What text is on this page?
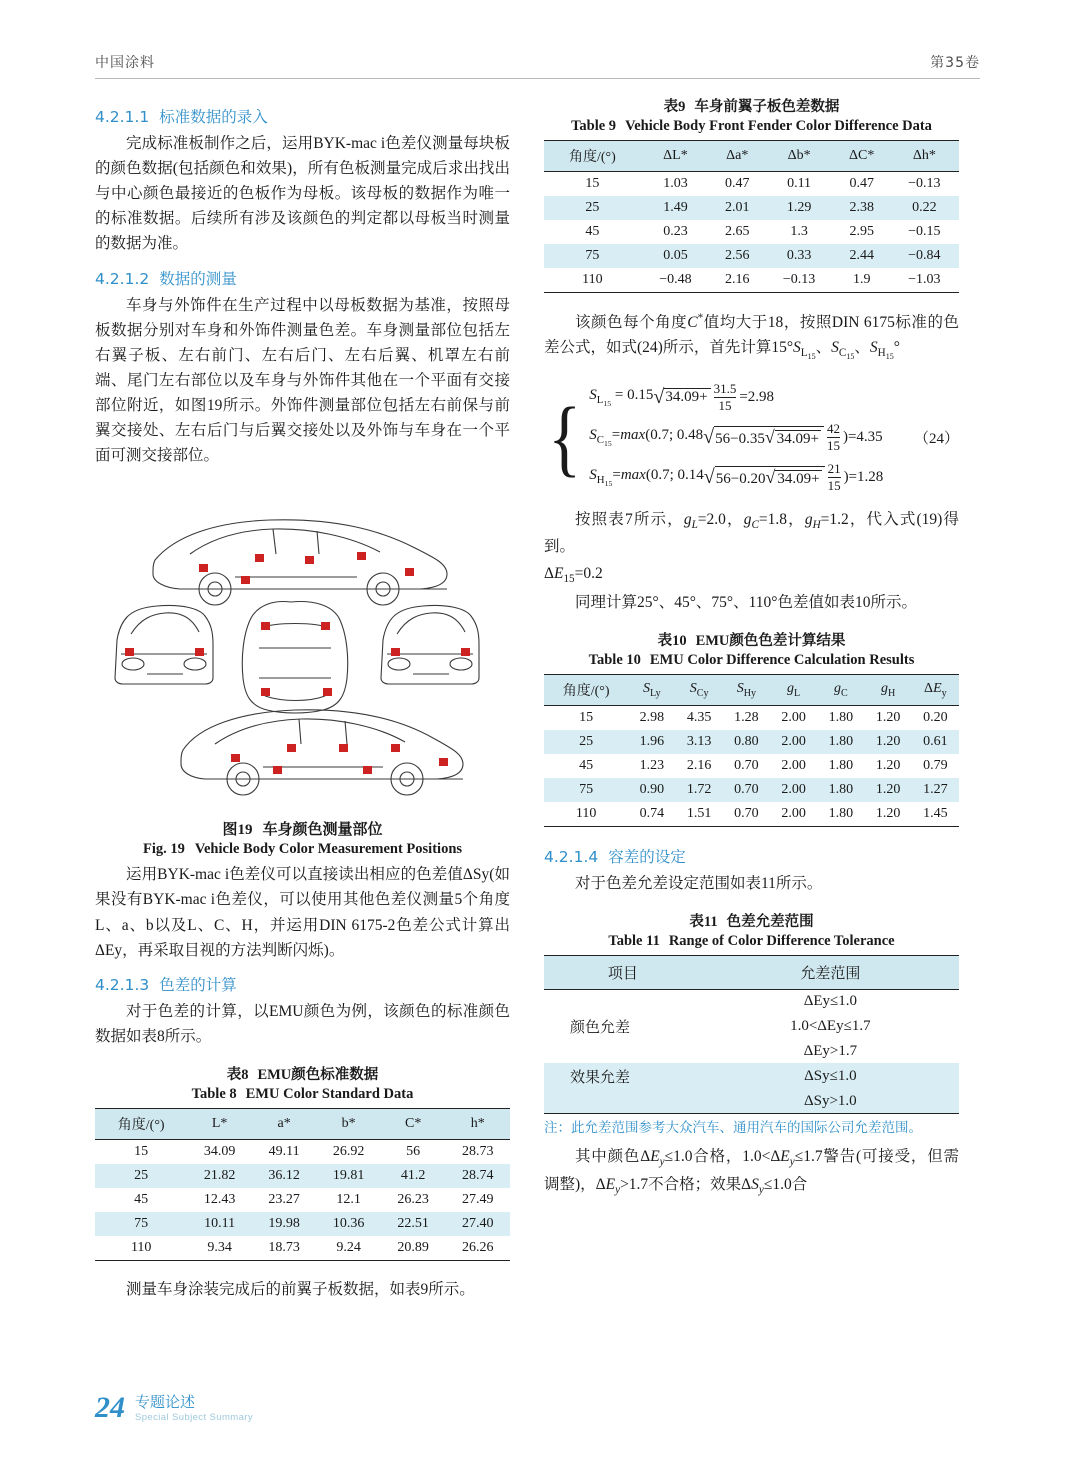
中国涂料	第35卷
4.2.1.1 标准数据的录入

完成标准板制作之后，运用BYK-mac i色差仪测量每块板的颜色数据(包括颜色和效果)，所有色板测量完成后求出找出与中心颜色最接近的色板作为母板。该母板的数据作为唯一的标准数据。后续所有涉及该颜色的判定都以母板当时测量的数据为准。

4.2.1.2 数据的测量

车身与外饰件在生产过程中以母板数据为基准，按照母板数据分别对车身和外饰件测量色差。车身测量部位包括左右翼子板、左右前门、左右后门、左右后翼、机罩左右前端、尾门左右部位以及车身与外饰件其他在一个平面有交接部位附近，如图19所示。外饰件测量部位包括左右前保与前翼交接处、左右后门与后翼交接处以及外饰与车身在一个平面可测交接部位。

图19 车身颜色测量部位
Fig. 19 Vehicle Body Color Measurement Positions

运用BYK-mac i色差仪可以直接读出相应的色差值ΔSy(如果没有BYK-mac i色差仪，可以使用其他色差仪测量5个角度L、a、b以及L、C、H，并运用DIN 6175-2色差公式计算出ΔEy，再采取目视的方法判断闪烁)。

4.2.1.3 色差的计算

对于色差的计算，以EMU颜色为例，该颜色的标准颜色数据如表8所示。

表8 EMU颜色标准数据
Table 8 EMU Color Standard Data
角度/(°)	L*	a*	b*	C*	h*
15	34.09	49.11	26.92	56	28.73
25	21.82	36.12	19.81	41.2	28.74
45	12.43	23.27	12.1	26.23	27.49
75	10.11	19.98	10.36	22.51	27.40
110	9.34	18.73	9.24	20.89	26.26

测量车身涂装完成后的前翼子板数据，如表9所示。

表9 车身前翼子板色差数据
Table 9 Vehicle Body Front Fender Color Difference Data
角度/(°)	ΔL*	Δa*	Δb*	ΔC*	Δh*
15	1.03	0.47	0.11	0.47	−0.13
25	1.49	2.01	1.29	2.38	0.22
45	0.23	2.65	1.3	2.95	−0.15
75	0.05	2.56	0.33	2.44	−0.84
110	−0.48	2.16	−0.13	1.9	−1.03

该颜色每个角度C*值均大于18，按照DIN 6175标准的色差公式，如式(24)所示，首先计算$15^\circ S_{L_{15}}$、$S_{C_{15}}$、$S_{H_{15}}^\circ$

{ $S_{L_{15}} = 0.15$ √ $34.09+ \frac{31.5}{15} =2.98$
$S_{C_{15}}=\max(0.7$; 0.48 √ 56−0.35√ $34.09+ \frac{42}{15} )=4.35$ （24）
$S_{H_{15}}=\max(0.7$; 0.14 √ 56−0.20√ $34.09+ \frac{21}{15} )=1.28$

按照表7所示，$g_L=2.0$，$g_C=1.8$，$g_H=1.2$，代入式(19)得到。

$\Delta E_{15}=0.2$

同理计算25°、45°、75°、110°色差值如表10所示。

表10 EMU颜色色差计算结果
Table 10 EMU Color Difference Calculation Results
角度/(°)	$S_{Ly}$	$S_{Cy}$	$S_{Hy}$	$g_L$	$g_C$	$g_H$	$\Delta E_y$
15	2.98	4.35	1.28	2.00	1.80	1.20	0.20
25	1.96	3.13	0.80	2.00	1.80	1.20	0.61
45	1.23	2.16	0.70	2.00	1.80	1.20	0.79
75	0.90	1.72	0.70	2.00	1.80	1.20	1.27
110	0.74	1.51	0.70	2.00	1.80	1.20	1.45
4.2.1.4 容差的设定

对于色差允差设定范围如表11所示。

表11 色差允差范围
Table 11 Range of Color Difference Tolerance
项目	允差范围
	ΔEy≤1.0
颜色允差	1.0<ΔEy≤1.7
	ΔEy>1.7
效果允差	ΔSy≤1.0
	ΔSy>1.0
注：此允差范围参考大众汽车、通用汽车的国际公司允差范围。

其中颜色$\Delta E_y\le 1.0$合格，$1.0<\Delta E_y\le 1.7$警告(可接受，但需调整)，$\Delta E_y>1.7$不合格；效果$\Delta S_y\le 1.0$合

24 专题论述
Special Subject Summary
